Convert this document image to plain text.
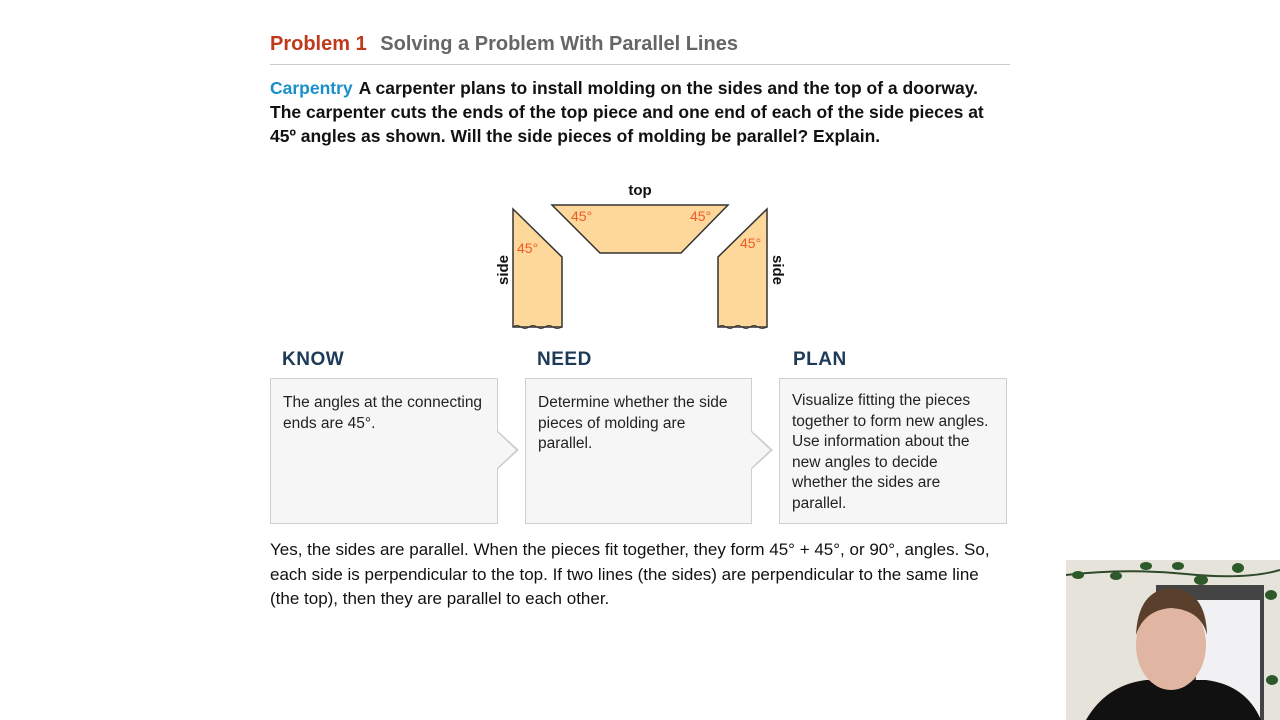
Problem 1 Solving a Problem With Parallel Lines
Carpentry A carpenter plans to install molding on the sides and the top of a doorway. The carpenter cuts the ends of the top piece and one end of each of the side pieces at 45º angles as shown. Will the side pieces of molding be parallel? Explain.
top
45°	45°
45°	45°
side	side
KNOW	NEED	PLAN
The angles at the connecting ends are 45°.
Determine whether the side pieces of molding are parallel.
Visualize fitting the pieces together to form new angles. Use information about the new angles to decide whether the sides are parallel.
Yes, the sides are parallel. When the pieces fit together, they form 45° + 45°, or 90°, angles. So, each side is perpendicular to the top. If two lines (the sides) are perpendicular to the same line (the top), then they are parallel to each other.
